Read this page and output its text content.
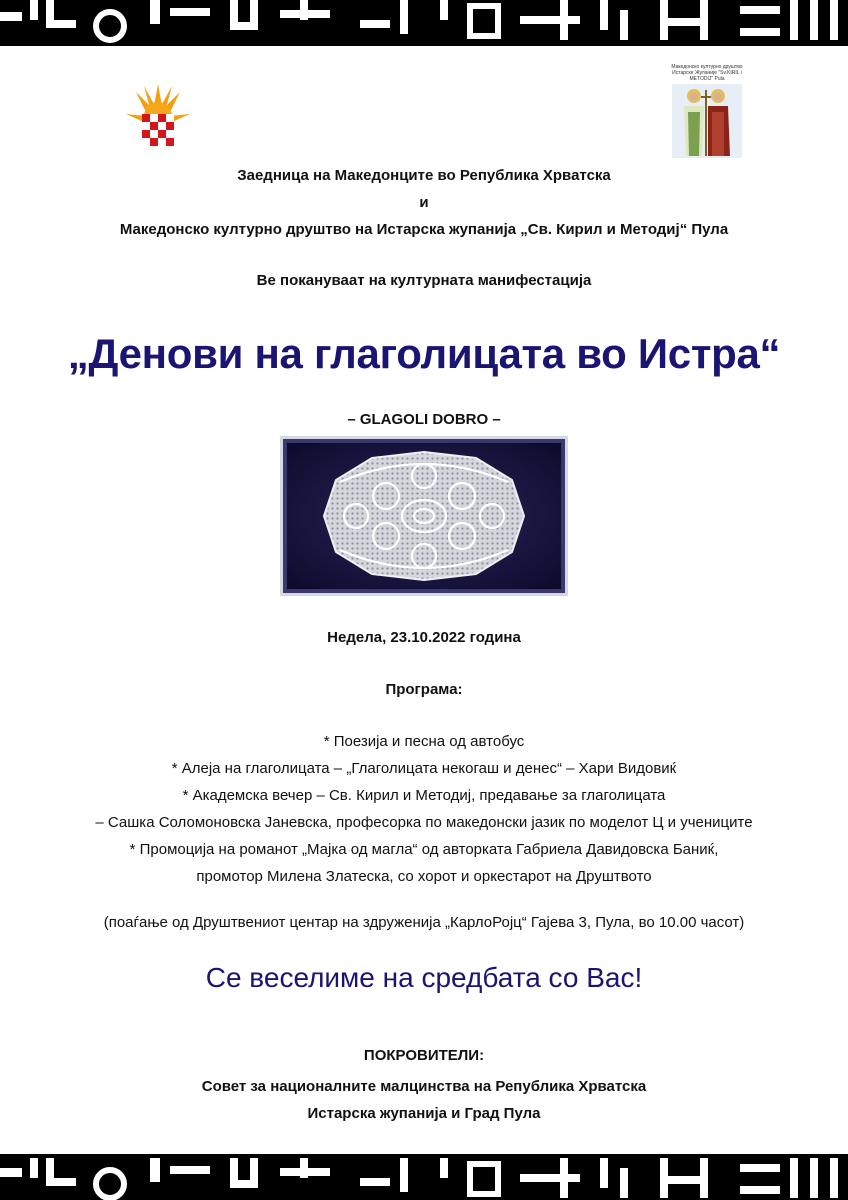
Македонско културно друштво Истарске Жупаније "Sv.KIRIL i METODIJ" Pula
Заедница на Македонците во Република Хрватска
и
Македонско културно друштво на Истарска жупанија „Св. Кирил и Методиј“ Пула
Ве покануваат на културната манифестација
„Денови на глаголицата во Истра“
– GLAGOLI DOBRO –
Недела, 23.10.2022 година
Програма:
* Поезија и песна од автобус
* Алеја на глаголицата – „Глаголицата некогаш и денес“ – Хари Видовиќ
* Академска вечер – Св. Кирил и Методиј, предавање за глаголицата
– Сашка Соломоновска Јаневска, професорка по македонски јазик по моделот Ц и учениците
* Промоција на романот „Мајка од магла“ од авторката Габриела Давидовска Баниќ,
промотор Милена Златеска, со хорот и оркестарот на Друштвото
(поаѓање од Друштвениот центар на здруженија „КарлоРојц“ Гајева 3, Пула, во 10.00 часот)
Се веселиме на средбата со Вас!
ПОКРОВИТЕЛИ:
Совет за националните малцинства на Република Хрватска
Истарска жупанија и Град Пула
